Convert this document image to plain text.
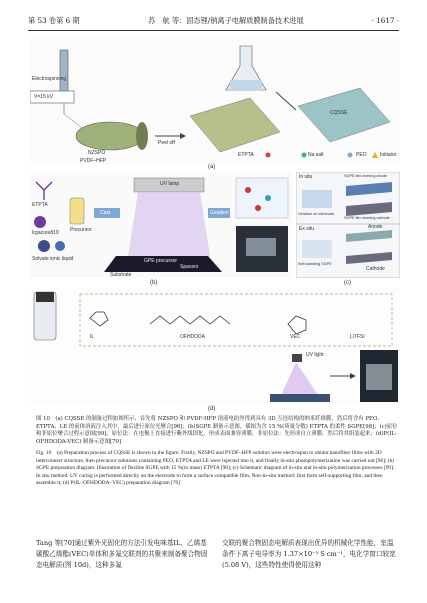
第 53 卷第 6 期	苏　航 等：固态锂/钠离子电解质膜制备技术进展	· 1617 ·
Electrospinning
V=15 kV
NZSPO
PVDF–HFP
Peel off
CQSSE
ETPTA	Na salt	PEO	Initiator
(a)
ETPTA
Irgacure819 Precursor
Solvate ionic liquid
UV lamp
Cast	Gelation
GPE precursor
Spacers
Substrate
(b)
In situ	SGPE film-forming anode
Gelation on electrode
SGPE film-forming cathode
Ex situ	Anode
Self-standing SGPE
Cathode
(c)
IL	OFHDODA	VEC	LiTFSI
UV light
(d)
图 10　(a) CQSSE 的制备过程如图所示，首先将 NZSPO 和 PVDF-HFP 溶液电纺丝得到具有 3D 互连结构的纳米纤维膜，然后将含有 PEO、ETPTA、LE 的前体溶液注入其中，最后进行原位光聚合[96]；(b)SGPE 制备示意图，插图为含 15 %(质量分数) ETPTA 的柔性 SGPE[98]；(c)原位和非原位聚合过程示意图[99]，原位法：在电极上直接进行紫外线固化，形成表面兼容薄膜，非原位法：先形成自立薄膜，然后将其组装起来；(d)P(IL-OFHDODA-VEC) 制备示意图[70]
Fig. 10　(a) Preparation process of CQSSE is shown in the figure. Firstly, NZSPO and PVDF–HFP solution were electrospun to obtain nanofiber films with 3D interconnect structure, then precursor solutions containing PEO, ETPTA and LE were injected into it, and finally in-situ photopolymerization was carried out [96]; (b) SGPE preparation diagram. Illustration of flexible SGPE with 15 %(in mass) ETPTA [98]; (c) Schematic diagram of in-situ and in-situ polymerization processes [99]. In situ method: UV curing is performed directly on the electrode to form a surface compatible film, Non-in-situ method: first form self-supporting film, and then assemble it; (d) P(IL–OFHDODA–VEC) preparation diagram [70]
Tang 等[70]通过紫外光固化的方法引发电咪基IL、乙烯基碳酸乙烯酯(VEC)单体和多氟交联剂的共聚来制备聚合物固态电解质(图 10d)，这种多氟
交联的聚合物固态电解质表现出优异的机械化学性能，室温条件下离子电导率为 1.37×10⁻³ S cm⁻¹，电化学窗口较宽(5.08 V)，这些特性使得使用这种
